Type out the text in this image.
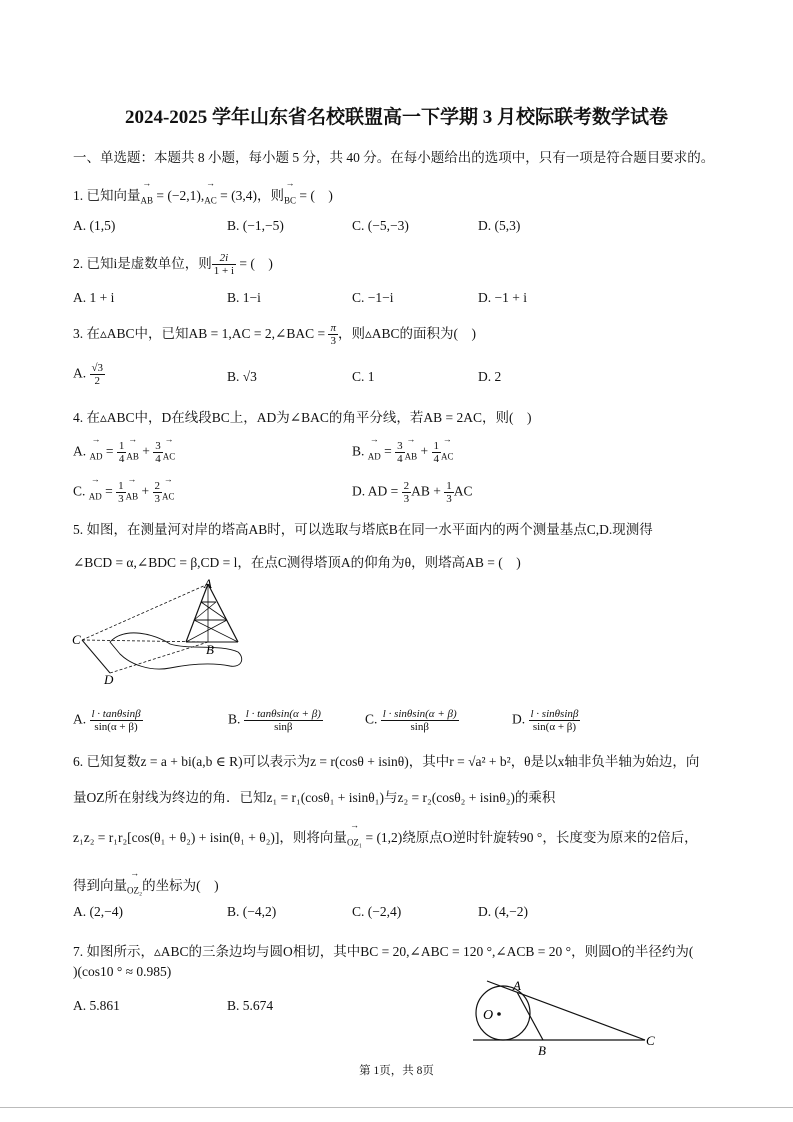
2024-2025 学年山东省名校联盟高一下学期 3 月校际联考数学试卷
一、单选题：本题共 8 小题，每小题 5 分，共 40 分。在每小题给出的选项中，只有一项是符合题目要求的。
1. 已知向量→ $_{AB}$ = (−2,1),→ $_{AC}$ = (3,4)，则→ $_{BC}$ = (　)
A. (1,5)	B. (−1,−5)	C. (−5,−3)	D. (5,3)
2. 已知i是虚数单位，则 $\frac{2i}{1 + i}$ = (　)
A. 1 + i	B. 1−i	C. −1−i	D. −1 + i
3. 在▵ABC中，已知AB = 1,AC = 2,∠BAC = $\frac{\pi}{3}$ ，则▵ABC的面积为(　)
A. $\frac{√3}{2}$	B. √3	C. 1	D. 2
4. 在▵ABC中，D在线段BC上，AD为∠BAC的角平分线，若AB = 2AC，则(　)
A. → $_{AD} = \frac{1}{4}$
→ $_{AB} + \frac{3}{4}$
→ $_{AC}$	B. → $_{AD} = \frac{3}{4}$
→ $_{AB} + \frac{1}{4}$
→ $_{AC}$
C. → $_{AD} = \frac{1}{3}$
→ $_{AB} + \frac{2}{3}$
→ $_{AC}$	D. AD = $\frac{2}{3}$ AB + $\frac{1}{3}$ AC
5. 如图，在测量河对岸的塔高AB时，可以选取与塔底B在同一水平面内的两个测量基点C,D.现测得
∠BCD = α,∠BDC = β,CD = l，在点C测得塔顶A的仰角为θ，则塔高AB = (　)
A
B
C
D
A. $\frac{l \cdot \tan\theta\sin\beta}{\sin(\alpha + \beta)}$	B. $\frac{l \cdot \tan\theta\sin(\alpha + \beta)}{\sin\beta}$	C. $\frac{l \cdot \sin\theta\sin(\alpha + \beta)}{\sin\beta}$	D. $\frac{l \cdot \sin\theta\sin\beta}{\sin(\alpha + \beta)}$
6. 已知复数z = a + bi(a,b ∈ R)可以表示为z = r(cosθ + isinθ)，其中r = √a² + b²，θ是以x轴非负半轴为始边，向
量OZ所在射线为终边的角．已知z₁ = r₁(cosθ₁ + isinθ₁)与z₂ = r₂(cosθ₂ + isinθ₂)的乘积
z₁z₂ = r₁r₂[cos(θ₁ + θ₂) + isin(θ₁ + θ₂)]，则将向量→ $_{OZ_1}$ = (1,2)绕原点O逆时针旋转90 °，长度变为原来的2倍后，
得到向量→ $_{OZ_2}$的坐标为(　)
A. (2,−4)	B. (−4,2)	C. (−2,4)	D. (4,−2)
7. 如图所示，▵ABC的三条边均与圆O相切，其中BC = 20,∠ABC = 120 °,∠ACB = 20 °，则圆O的半径约为(
)(cos10 ° ≈ 0.985)
A. 5.861	B. 5.674
O
A
B
C
第 1页，共 8页
